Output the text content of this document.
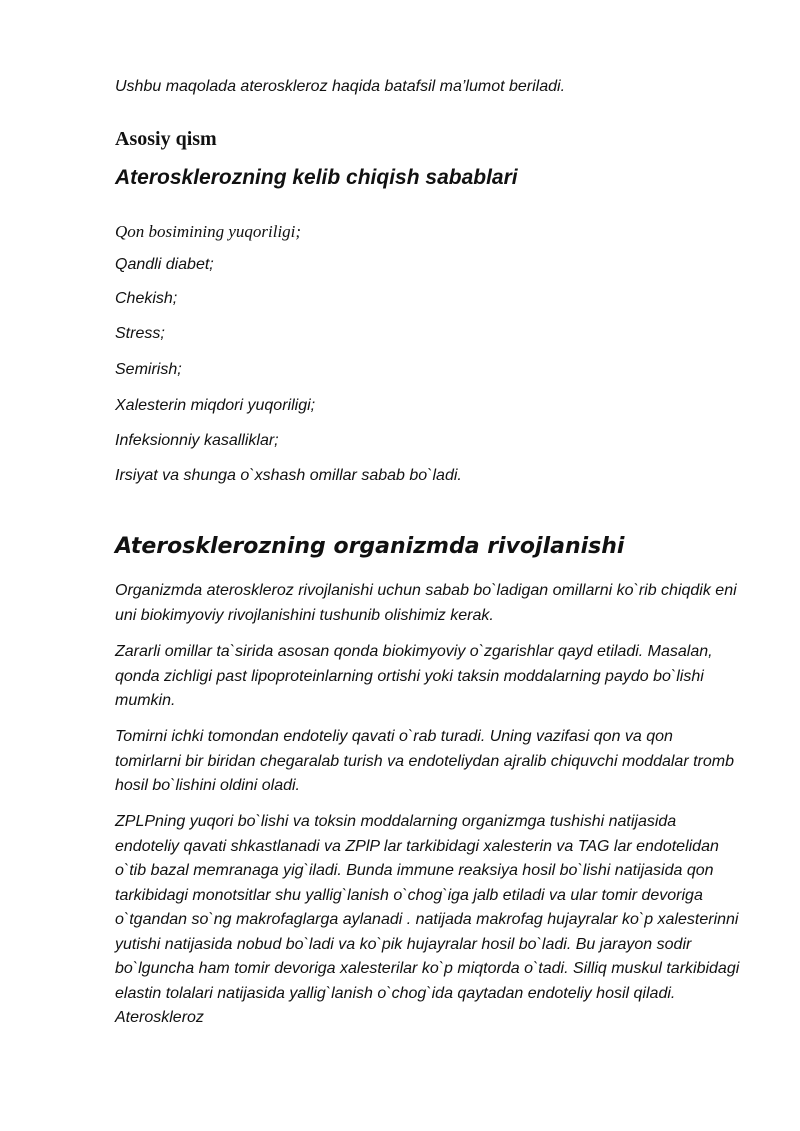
Ushbu maqolada ateroskleroz haqida batafsil ma’lumot beriladi.
Asosiy qism
Aterosklerozning kelib chiqish sabablari
Qon bosimining yuqoriligi;
Qandli diabet;
Chekish;
Stress;
Semirish;
Xalesterin miqdori yuqoriligi;
Infeksionniy kasalliklar;
Irsiyat va shunga o`xshash omillar sabab bo`ladi.
Aterosklerozning organizmda rivojlanishi

Organizmda ateroskleroz rivojlanishi uchun sabab bo`ladigan omillarni ko`rib chiqdik eni uni biokimyoviy rivojlanishini tushunib olishimiz kerak.

Zararli omillar ta`sirida asosan qonda biokimyoviy o`zgarishlar qayd etiladi. Masalan, qonda zichligi past lipoproteinlarning ortishi yoki taksin moddalarning paydo bo`lishi mumkin.

Tomirni ichki tomondan endoteliy qavati o`rab turadi. Uning vazifasi qon va qon tomirlarni bir biridan chegaralab turish va endoteliydan ajralib chiquvchi moddalar tromb hosil bo`lishini oldini oladi.

ZPLPning yuqori bo`lishi va toksin moddalarning organizmga tushishi natijasida endoteliy qavati shkastlanadi va ZPlP lar tarkibidagi xalesterin va TAG lar endotelidan o`tib bazal memranaga yig`iladi. Bunda immune reaksiya hosil bo`lishi natijasida qon tarkibidagi monotsitlar shu yallig`lanish o`chog`iga jalb etiladi va ular tomir devoriga o`tgandan so`ng makrofaglarga aylanadi . natijada makrofag hujayralar ko`p xalesterinni yutishi natijasida nobud bo`ladi va ko`pik hujayralar hosil bo`ladi. Bu jarayon sodir bo`lguncha ham tomir devoriga xalesterilar ko`p miqtorda o`tadi. Silliq muskul tarkibidagi elastin tolalari natijasida yallig`lanish o`chog`ida qaytadan endoteliy hosil qiladi. Ateroskleroz
